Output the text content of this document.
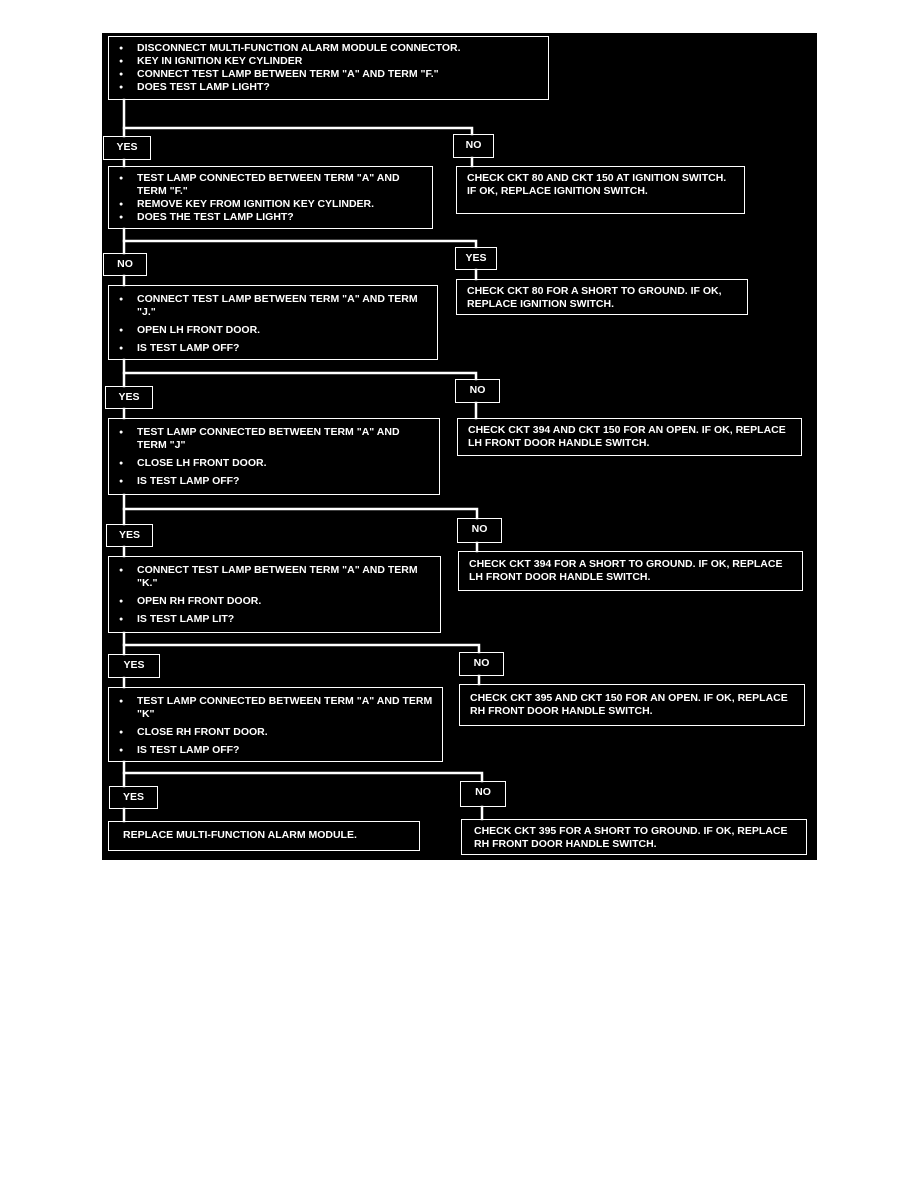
● DISCONNECT MULTI-FUNCTION ALARM MODULE CONNECTOR.
● KEY IN IGNITION KEY CYLINDER
● CONNECT TEST LAMP BETWEEN TERM "A" AND TERM "F."
● DOES TEST LAMP LIGHT?
YES	NO

CHECK CKT 80 AND CKT 150 AT IGNITION SWITCH. IF OK, REPLACE IGNITION SWITCH.

● TEST LAMP CONNECTED BETWEEN TERM "A" AND TERM "F."
● REMOVE KEY FROM IGNITION KEY CYLINDER.
● DOES THE TEST LAMP LIGHT?
NO	YES

CHECK CKT 80 FOR A SHORT TO GROUND. IF OK, REPLACE IGNITION SWITCH.

● CONNECT TEST LAMP BETWEEN TERM "A" AND TERM "J."
● OPEN LH FRONT DOOR.
● IS TEST LAMP OFF?
YES
NO

CHECK CKT 394 AND CKT 150 FOR AN OPEN. IF OK, REPLACE LH FRONT DOOR HANDLE SWITCH.

● TEST LAMP CONNECTED BETWEEN TERM "A" AND TERM "J"
● CLOSE LH FRONT DOOR.
● IS TEST LAMP OFF?
YES	NO

CHECK CKT 394 FOR A SHORT TO GROUND. IF OK, REPLACE LH FRONT DOOR HANDLE SWITCH.

● CONNECT TEST LAMP BETWEEN TERM "A" AND TERM "K."
● OPEN RH FRONT DOOR.
● IS TEST LAMP LIT?
YES	NO

CHECK CKT 395 AND CKT 150 FOR AN OPEN. IF OK, REPLACE RH FRONT DOOR HANDLE SWITCH.

● TEST LAMP CONNECTED BETWEEN TERM "A" AND TERM "K"
● CLOSE RH FRONT DOOR.
● IS TEST LAMP OFF?
YES	NO

REPLACE MULTI-FUNCTION ALARM MODULE.	CHECK CKT 395 FOR A SHORT TO GROUND. IF OK, REPLACE RH FRONT DOOR HANDLE SWITCH.
